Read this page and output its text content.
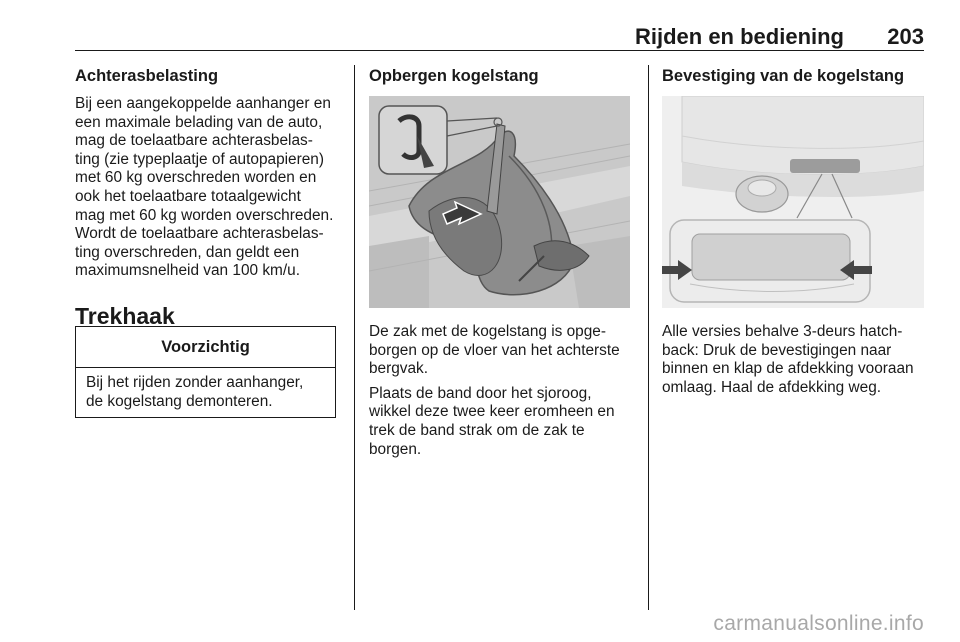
Rijden en bediening 203
Achterasbelasting
Bij een aangekoppelde aanhanger en
een maximale belading van de auto,
mag de toelaatbare achterasbelas-
ting (zie typeplaatje of autopapieren)
met 60 kg overschreden worden en
ook het toelaatbare totaalgewicht
mag met 60 kg worden overschreden.
Wordt de toelaatbare achterasbelas-
ting overschreden, dan geldt een
maximumsnelheid van 100 km/u.
Trekhaak
Voorzichtig
Bij het rijden zonder aanhanger,
de kogelstang demonteren.
Opbergen kogelstang
De zak met de kogelstang is opge-
borgen op de vloer van het achterste
bergvak.
Plaats de band door het sjoroog,
wikkel deze twee keer eromheen en
trek de band strak om de zak te
borgen.
Bevestiging van de kogelstang
Alle versies behalve 3-deurs hatch-
back: Druk de bevestigingen naar
binnen en klap de afdekking vooraan
omlaag. Haal de afdekking weg.
carmanualsonline.info
